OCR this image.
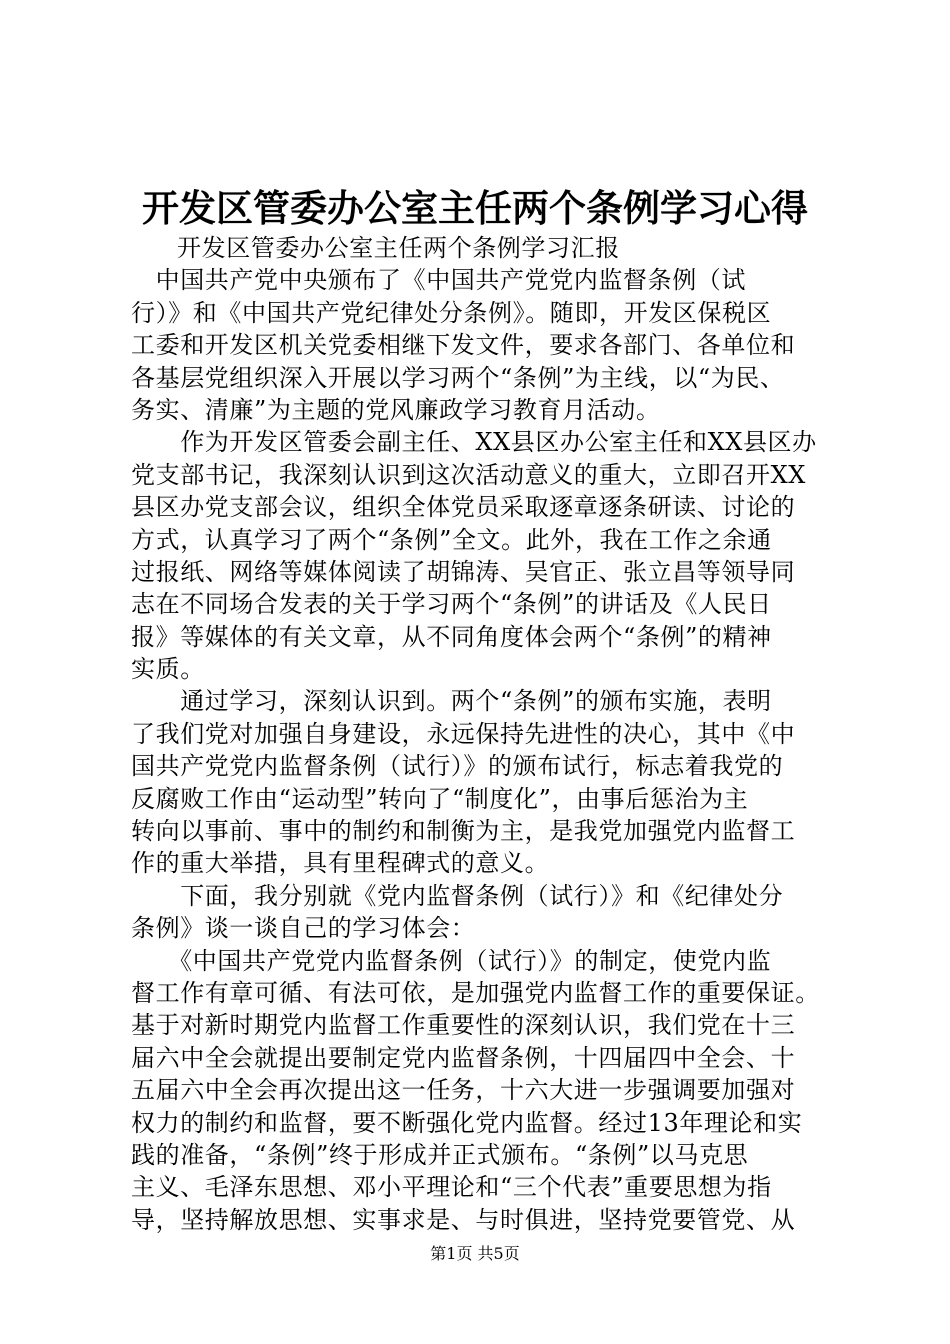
开发区管委办公室主任两个条例学习心得
开发区管委办公室主任两个条例学习汇报
　中国共产党中央颁布了《中国共产党党内监督条例（试
行）》和《中国共产党纪律处分条例》。随即，开发区保税区
工委和开发区机关党委相继下发文件，要求各部门、各单位和
各基层党组织深入开展以学习两个“条例”为主线，以“为民、
务实、清廉”为主题的党风廉政学习教育月活动。
　　作为开发区管委会副主任、XX县区办公室主任和XX县区办
党支部书记，我深刻认识到这次活动意义的重大，立即召开XX
县区办党支部会议，组织全体党员采取逐章逐条研读、讨论的
方式，认真学习了两个“条例”全文。此外，我在工作之余通
过报纸、网络等媒体阅读了胡锦涛、吴官正、张立昌等领导同
志在不同场合发表的关于学习两个“条例”的讲话及《人民日
报》等媒体的有关文章，从不同角度体会两个“条例”的精神
实质。
　　通过学习，深刻认识到。两个“条例”的颁布实施，表明
了我们党对加强自身建设，永远保持先进性的决心，其中《中
国共产党党内监督条例（试行）》的颁布试行，标志着我党的
反腐败工作由“运动型”转向了“制度化”，由事后惩治为主
转向以事前、事中的制约和制衡为主，是我党加强党内监督工
作的重大举措，具有里程碑式的意义。
　　下面，我分别就《党内监督条例（试行）》和《纪律处分
条例》谈一谈自己的学习体会：
　　《中国共产党党内监督条例（试行）》的制定，使党内监
督工作有章可循、有法可依，是加强党内监督工作的重要保证。
基于对新时期党内监督工作重要性的深刻认识，我们党在十三
届六中全会就提出要制定党内监督条例，十四届四中全会、十
五届六中全会再次提出这一任务，十六大进一步强调要加强对
权力的制约和监督，要不断强化党内监督。经过13年理论和实
践的准备，“条例”终于形成并正式颁布。“条例”以马克思
主义、毛泽东思想、邓小平理论和“三个代表”重要思想为指
导，坚持解放思想、实事求是、与时俱进，坚持党要管党、从
第1页 共5页
